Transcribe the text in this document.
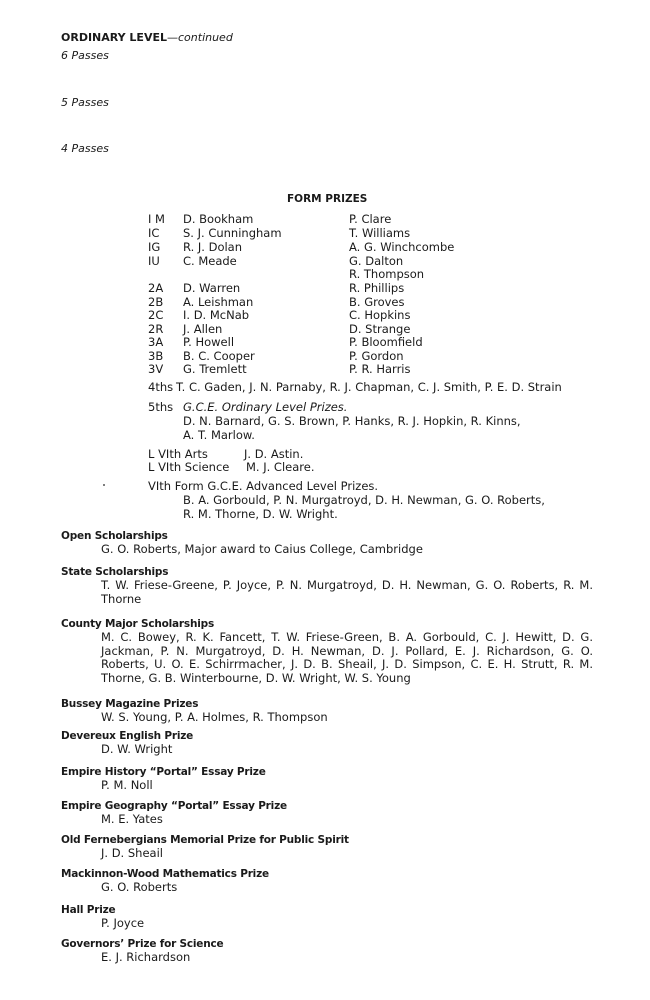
ORDINARY LEVEL—continued
6 Passes
5 Passes
4 Passes
FORM PRIZES
I M D. Bookham	P. Clare
IC S. J. Cunningham	T. Williams
IG R. J. Dolan	A. G. Winchcombe
IU C. Meade	G. Dalton
R. Thompson
2A D. Warren	R. Phillips
2B A. Leishman	B. Groves
2C I. D. McNab	C. Hopkins
2R J. Allen	D. Strange
3A P. Howell	P. Bloomfield
3B B. C. Cooper	P. Gordon
3V G. Tremlett	P. R. Harris
4ths T. C. Gaden, J. N. Parnaby, R. J. Chapman, C. J. Smith, P. E. D. Strain
5ths G.C.E. Ordinary Level Prizes.
D. N. Barnard, G. S. Brown, P. Hanks, R. J. Hopkin, R. Kinns,
A. T. Marlow.
L VIth Arts	J. D. Astin.
L VIth Science M. J. Cleare.
VIth Form G.C.E. Advanced Level Prizes.
B. A. Gorbould, P. N. Murgatroyd, D. H. Newman, G. O. Roberts,
R. M. Thorne, D. W. Wright.
Open Scholarships
G. O. Roberts, Major award to Caius College, Cambridge
State Scholarships
T. W. Friese-Greene, P. Joyce, P. N. Murgatroyd, D. H. Newman, G. O. Roberts, R. M. Thorne
County Major Scholarships
M. C. Bowey, R. K. Fancett, T. W. Friese-Green, B. A. Gorbould, C. J. Hewitt, D. G. Jackman, P. N. Murgatroyd, D. H. Newman, D. J. Pollard, E. J. Richardson, G. O. Roberts, U. O. E. Schirrmacher, J. D. B. Sheail, J. D. Simpson, C. E. H. Strutt, R. M. Thorne, G. B. Winterbourne, D. W. Wright, W. S. Young
Bussey Magazine Prizes
W. S. Young, P. A. Holmes, R. Thompson
Devereux English Prize
D. W. Wright
Empire History “Portal” Essay Prize
P. M. Noll
Empire Geography “Portal” Essay Prize
M. E. Yates
Old Fernebergians Memorial Prize for Public Spirit
J. D. Sheail
Mackinnon-Wood Mathematics Prize
G. O. Roberts
Hall Prize
P. Joyce
Governors’ Prize for Science
E. J. Richardson
